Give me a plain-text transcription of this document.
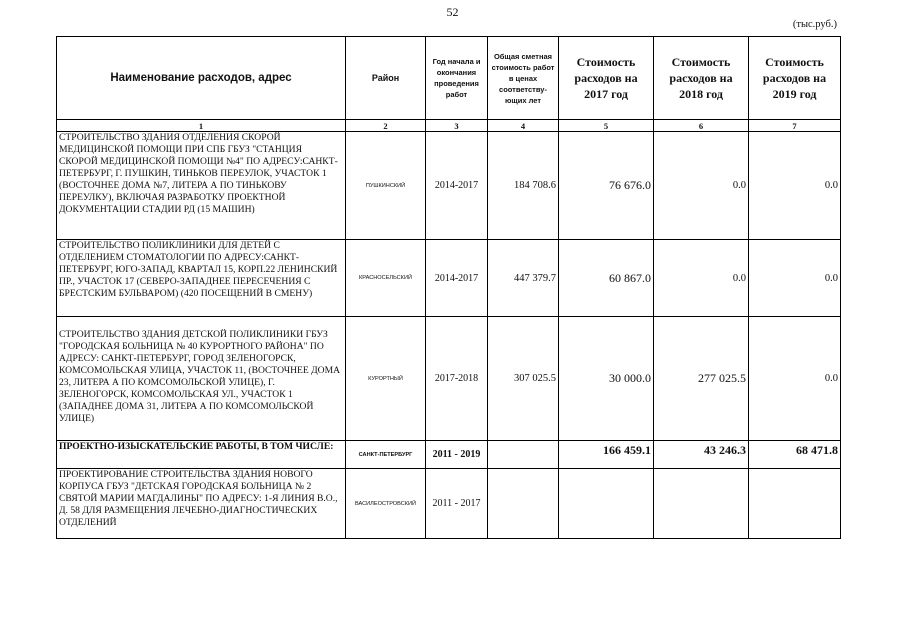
52
(тыс.руб.)
Наименование расходов, адрес	Район	Год начала и окончания проведения работ	Общая сметная стоимость работ в ценах соответству-ющих лет	Стоимость расходов на 2017 год	Стоимость расходов на 2018 год	Стоимость расходов на 2019 год
1	2	3	4	5	6	7
СТРОИТЕЛЬСТВО ЗДАНИЯ ОТДЕЛЕНИЯ СКОРОЙ МЕДИЦИНСКОЙ ПОМОЩИ ПРИ СПБ ГБУЗ "СТАНЦИЯ СКОРОЙ МЕДИЦИНСКОЙ ПОМОЩИ №4" ПО АДРЕСУ:САНКТ-ПЕТЕРБУРГ, Г. ПУШКИН, ТИНЬКОВ ПЕРЕУЛОК, УЧАСТОК 1 (ВОСТОЧНЕЕ ДОМА №7, ЛИТЕРА А ПО ТИНЬКОВУ ПЕРЕУЛКУ), ВКЛЮЧАЯ РАЗРАБОТКУ ПРОЕКТНОЙ ДОКУМЕНТАЦИИ СТАДИИ РД (15 МАШИН)	ПУШКИНСКИЙ	2014-2017	184 708.6	76 676.0	0.0	0.0
СТРОИТЕЛЬСТВО ПОЛИКЛИНИКИ ДЛЯ ДЕТЕЙ С ОТДЕЛЕНИЕМ СТОМАТОЛОГИИ ПО АДРЕСУ:САНКТ-ПЕТЕРБУРГ, ЮГО-ЗАПАД, КВАРТАЛ 15, КОРП.22 ЛЕНИНСКИЙ ПР., УЧАСТОК 17 (СЕВЕРО-ЗАПАДНЕЕ ПЕРЕСЕЧЕНИЯ С БРЕСТСКИМ БУЛЬВАРОМ) (420 ПОСЕЩЕНИЙ В СМЕНУ)	КРАСНОСЕЛЬСКИЙ	2014-2017	447 379.7	60 867.0	0.0	0.0
СТРОИТЕЛЬСТВО ЗДАНИЯ ДЕТСКОЙ ПОЛИКЛИНИКИ ГБУЗ "ГОРОДСКАЯ БОЛЬНИЦА № 40 КУРОРТНОГО РАЙОНА" ПО АДРЕСУ: САНКТ-ПЕТЕРБУРГ, ГОРОД ЗЕЛЕНОГОРСК, КОМСОМОЛЬСКАЯ УЛИЦА, УЧАСТОК 11, (ВОСТОЧНЕЕ ДОМА 23, ЛИТЕРА А ПО КОМСОМОЛЬСКОЙ УЛИЦЕ), Г. ЗЕЛЕНОГОРСК, КОМСОМОЛЬСКАЯ УЛ., УЧАСТОК 1 (ЗАПАДНЕЕ ДОМА 31, ЛИТЕРА А ПО КОМСОМОЛЬСКОЙ УЛИЦЕ)	КУРОРТНЫЙ	2017-2018	307 025.5	30 000.0	277 025.5	0.0
ПРОЕКТНО-ИЗЫСКАТЕЛЬСКИЕ РАБОТЫ, В ТОМ ЧИСЛЕ:	САНКТ-ПЕТЕРБУРГ	2011 - 2019		166 459.1	43 246.3	68 471.8
ПРОЕКТИРОВАНИЕ СТРОИТЕЛЬСТВА ЗДАНИЯ НОВОГО КОРПУСА ГБУЗ "ДЕТСКАЯ ГОРОДСКАЯ БОЛЬНИЦА № 2 СВЯТОЙ МАРИИ МАГДАЛИНЫ" ПО АДРЕСУ: 1-Я ЛИНИЯ В.О., Д. 58 ДЛЯ РАЗМЕЩЕНИЯ ЛЕЧЕБНО-ДИАГНОСТИЧЕСКИХ ОТДЕЛЕНИЙ	ВАСИЛЕОСТРОВСКИЙ	2011 - 2017				
